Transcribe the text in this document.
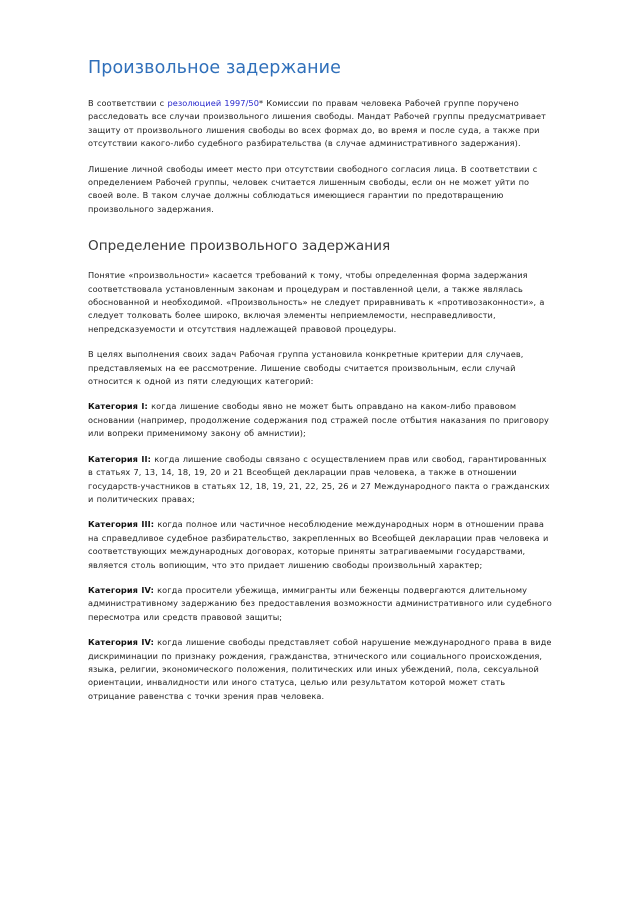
Произвольное задержание

В соответствии с резолюцией 1997/50* Комиссии по правам человека Рабочей группе поручено расследовать все случаи произвольного лишения свободы. Мандат Рабочей группы предусматривает защиту от произвольного лишения свободы во всех формах до, во время и после суда, а также при отсутствии какого-либо судебного разбирательства (в случае административного задержания).

Лишение личной свободы имеет место при отсутствии свободного согласия лица. В соответствии с определением Рабочей группы, человек считается лишенным свободы, если он не может уйти по своей воле. В таком случае должны соблюдаться имеющиеся гарантии по предотвращению произвольного задержания.

Определение произвольного задержания

Понятие «произвольности» касается требований к тому, чтобы определенная форма задержания соответствовала установленным законам и процедурам и поставленной цели, а также являлась обоснованной и необходимой. «Произвольность» не следует приравнивать к «противозаконности», а следует толковать более широко, включая элементы неприемлемости, несправедливости, непредсказуемости и отсутствия надлежащей правовой процедуры.

В целях выполнения своих задач Рабочая группа установила конкретные критерии для случаев, представляемых на ее рассмотрение. Лишение свободы считается произвольным, если случай относится к одной из пяти следующих категорий:

Категория I: когда лишение свободы явно не может быть оправдано на каком-либо правовом основании (например, продолжение содержания под стражей после отбытия наказания по приговору или вопреки применимому закону об амнистии);

Категория II: когда лишение свободы связано с осуществлением прав или свобод, гарантированных в статьях 7, 13, 14, 18, 19, 20 и 21 Всеобщей декларации прав человека, а также в отношении государств-участников в статьях 12, 18, 19, 21, 22, 25, 26 и 27 Международного пакта о гражданских и политических правах;

Категория III: когда полное или частичное несоблюдение международных норм в отношении права на справедливое судебное разбирательство, закрепленных во Всеобщей декларации прав человека и соответствующих международных договорах, которые приняты затрагиваемыми государствами, является столь вопиющим, что это придает лишению свободы произвольный характер;

Категория IV: когда просители убежища, иммигранты или беженцы подвергаются длительному административному задержанию без предоставления возможности административного или судебного пересмотра или средств правовой защиты;

Категория IV: когда лишение свободы представляет собой нарушение международного права в виде дискриминации по признаку рождения, гражданства, этнического или социального происхождения, языка, религии, экономического положения, политических или иных убеждений, пола, сексуальной ориентации, инвалидности или иного статуса, целью или результатом которой может стать отрицание равенства с точки зрения прав человека.
